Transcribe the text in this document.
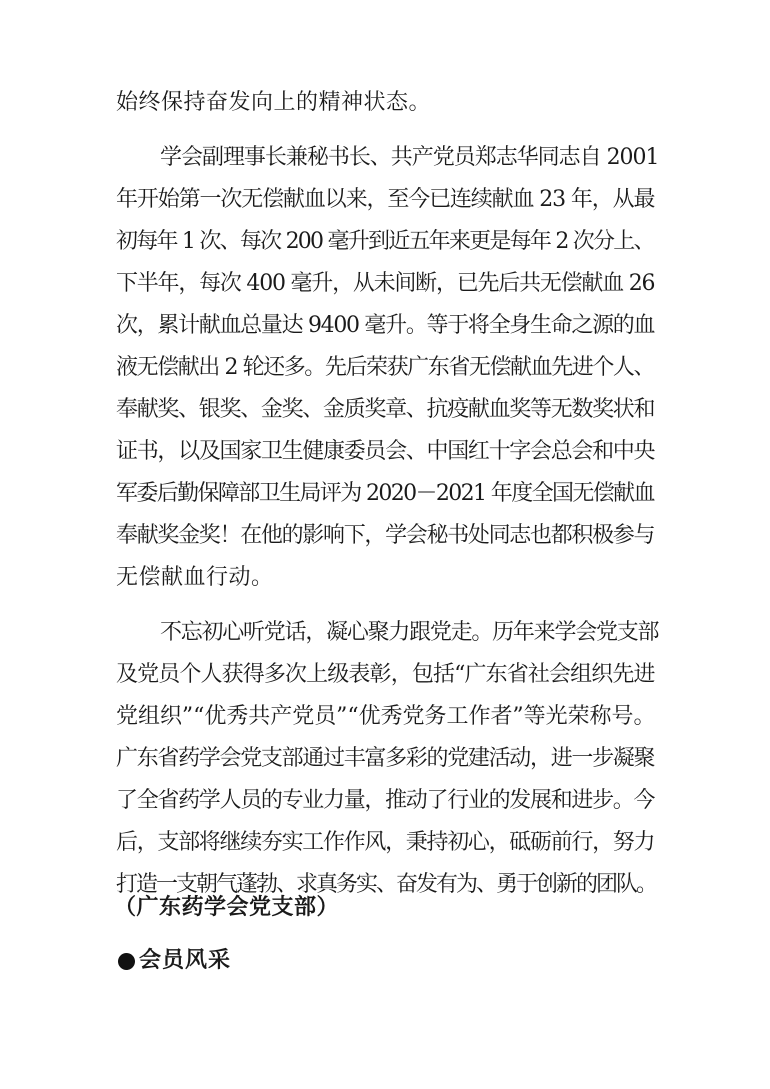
始终保持奋发向上的精神状态。
学会副理事长兼秘书长、共产党员郑志华同志自 2001
年开始第一次无偿献血以来，至今已连续献血 23 年，从最
初每年 1 次、每次 200 毫升到近五年来更是每年 2 次分上、
下半年，每次 400 毫升，从未间断，已先后共无偿献血 26
次，累计献血总量达 9400 毫升。等于将全身生命之源的血
液无偿献出 2 轮还多。先后荣获广东省无偿献血先进个人、
奉献奖、银奖、金奖、金质奖章、抗疫献血奖等无数奖状和
证书，以及国家卫生健康委员会、中国红十字会总会和中央
军委后勤保障部卫生局评为 2020－2021 年度全国无偿献血
奉献奖金奖！在他的影响下，学会秘书处同志也都积极参与
无偿献血行动。
不忘初心听党话，凝心聚力跟党走。历年来学会党支部
及党员个人获得多次上级表彰，包括“广东省社会组织先进
党组织”“优秀共产党员”“优秀党务工作者”等光荣称号。
广东省药学会党支部通过丰富多彩的党建活动，进一步凝聚
了全省药学人员的专业力量，推动了行业的发展和进步。今
后，支部将继续夯实工作作风，秉持初心，砥砺前行，努力
打造一支朝气蓬勃、求真务实、奋发有为、勇于创新的团队。
（广东药学会党支部）
会员风采
